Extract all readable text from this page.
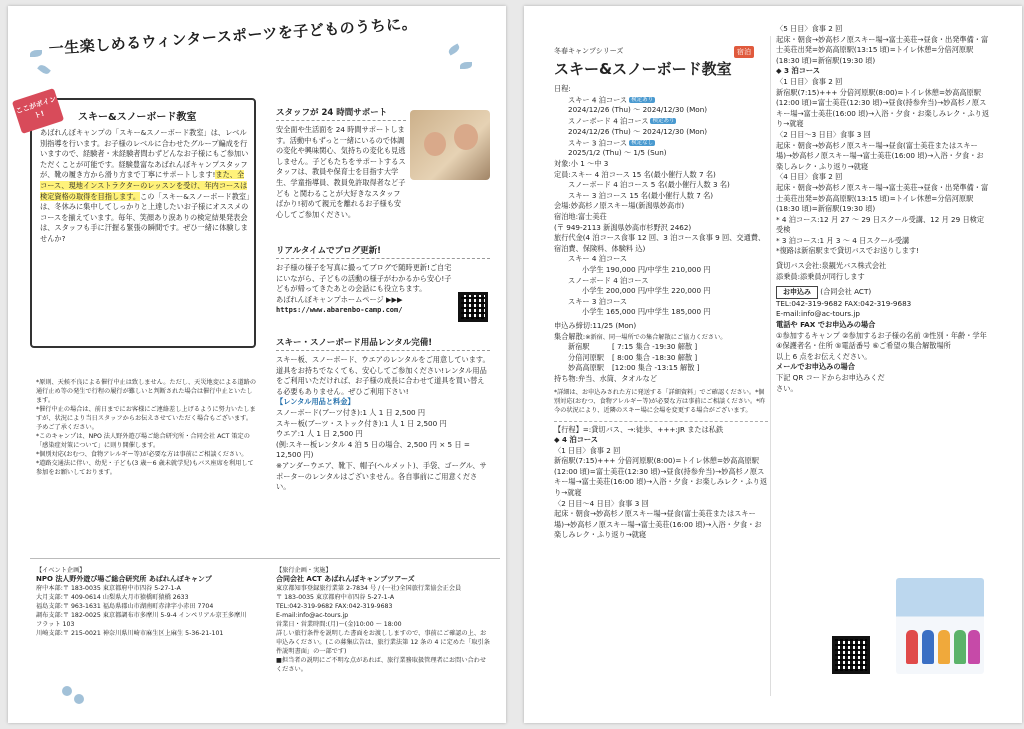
一生楽しめるウィンタースポーツを子どものうちに。
ここがポイント!	スキー&スノーボード教室
あばれんぼキャンプの「スキー&スノーボード教室」は、レベル別指導を行います。お子様のレベルに合わせたグループ編成を行いますので、経験者・未経験者問わずどんなお子様にもご参加いただくことが可能です。経験豊富なあばれんぼキャンプスタッフが、靴の履き方から滑り方まで丁寧にサポートします!また、全コース、現地インストラクターのレッスンを受け、年内コースは検定資格の取得を目指します。この「スキー&スノーボード教室」は、冬休みに集中してしっかりと上達したいお子様にオススメのコースを揃えています。毎年、笑顔あり涙ありの検定結果発表会は、スタッフも手に汗握る緊張の瞬間です。ぜひ一緒に体験しませんか?
*原則、天候不良による催行中止は致しません。ただし、天災地変による道路の通行止め等の発生で行程の履行が難しいと判断された場合は催行中止といたします。
*催行中止の場合は、前日までにお客様にご連絡差し上げるように努力いたしますが、状況により当日スタッフからお伝えさせていただく場合もございます。予めご了承ください。
*このキャンプは、NPO 法人野外遊び場ご総合研究所・合同会社 ACT 策定の「感染症対策について」に則り開催します。
*個別対応(おむつ、食物アレルギー等)が必要な方は事前にご相談ください。
*道路交通法に伴い、幼児・子ども(3 歳〜6 歳未就学児)もバス座席を利用して参加をお願いしております。
スタッフが 24 時間サポート
安全面や生活面を 24 時間サポートします。活動中もずっと一緒にいるので体調の変化や興味関心、気持ちの変化も見逃しません。子どもたちをサポートするスタッフは、教員や保育士を目指す大学生、学童指導員、教員免許取得者など子ども と関わることが大好きなスタッフばかり!初めて親元を離れるお子様も安心してご参加ください。
リアルタイムでブログ更新!
お子様の様子を写真に撮ってブログで随時更新!ご自宅にいながら、子どもの活動の様子がわかるから安心!子どもが帰ってきたあとの会話にも役立ちます。
あばれんぼキャンプホームページ ▶▶▶
https://www.abarenbo-camp.com/
スキー・スノーボード用品レンタル完備!
スキー板、スノーボード、ウエアのレンタルをご用意しています。道具をお持ちでなくても、安心してご参加ください!レンタル用品をご利用いただければ、お子様の成長に合わせて道具を買い替える必要もありません。ぜひご利用下さい!
【レンタル用品と料金】
スノーボード(ブーツ付き):1 人 1 日 2,500 円
スキー板(ブーツ・ストック付き):1 人 1 日 2,500 円
ウエア:1 人 1 日 2,500 円
(例:スキー板レンタル 4 泊 5 日の場合、2,500 円 × 5 日 = 12,500 円)
※アンダーウエア、靴下、帽子(ヘルメット)、手袋、ゴーグル、サポーターのレンタルはございません。各自事前にご用意ください。
【イベント企画】
NPO 法人野外遊び場ご総合研究所 あばれんぼキャンプ
府中本部:〒 183-0035 東京都府中市四谷 5-27-1-A
大月支部:〒 409-0614 山梨県大月市猿橋町猿橋 2633
福島支部:〒 963-1631 福島県郡山市湖南町赤津字小赤田 7704
調布支部:〒 182-0025 東京都調布市多摩川 5-9-4 インペリアル京王多摩川フラット 103
川崎支部:〒 215-0021 神奈川県川崎市麻生区上麻生 5-36-21-101
【旅行企画・実施】
合同会社 ACT あばれんぼキャンプツアーズ
東京都知事登録旅行業第 2-7834 号 / (一社)全国旅行業協会正会員
〒 183-0035 東京都府中市四谷 5-27-1-A
TEL:042-319-9682 FAX:042-319-9683
E-mail:info@ac-tours.jp
営業日・営業時間:(月)〜(金)10:00 〜 18:00
詳しい旅行条件を説明した書面をお渡ししますので、事前にご確認の上、お申込みください。(この募集広告は、旅行業法第 12 条の 4 に定めた「取引条件説明書面」の一部です)
■担当者の説明にご不明な点があれば、旅行業務取扱管理者にお問い合わせください。
冬春キャンプシリーズ	宿泊
スキー&スノーボード教室
日程:
スキー 4 泊コース 検定あり
2024/12/26 (Thu) 〜 2024/12/30 (Mon)
スノーボード 4 泊コース 検定あり
2024/12/26 (Thu) 〜 2024/12/30 (Mon)
スキー 3 泊コース 検定なし
2025/1/2 (Thu) 〜 1/5 (Sun)
対象:小 1 〜中 3
定員:スキー 4 泊コース 15 名(最小催行人数 7 名)
スノーボード 4 泊コース 5 名(最小催行人数 3 名)
スキー 3 泊コース 15 名(最小催行人数 7 名)
会場:妙高杉ノ原スキー場(新潟県妙高市)
宿泊地:富士美荘
(〒 949-2113 新潟県妙高市杉野沢 2462)
旅行代金(4 泊コース食事 12 回、3 泊コース食事 9 回、交通費、宿泊費、保険料、体験料 込)
スキー 4 泊コース
小学生 190,000 円/中学生 210,000 円
スノーボード 4 泊コース
小学生 200,000 円/中学生 220,000 円
スキー 3 泊コース
小学生 165,000 円/中学生 185,000 円
申込み締切:11/25 (Mon)
集合解散:※新宿、同一場所での集合解散にご協力ください。
新宿駅	[ 7:15 集合 -19:30 解散 ]
分倍河原駅 [ 8:00 集合 -18:30 解散 ]
妙高高原駅 [12:00 集合 -13:15 解散 ]
持ち物:弁当、水筒、タオルなど
*詳細は、お申込みされた方に発送する「詳細資料」でご確認ください。*個別対応(おむつ、食物アレルギー等)が必要な方は事前にご相談ください。*昨今の状況により、近隣のスキー場に会場を変更する場合がございます。
【行程】=:貸切バス、→:徒歩、+++:JR または私鉄
◆ 4 泊コース
〈1 日目〉食事 2 回
新宿駅(7:15)+++ 分倍河原駅(8:00)=トイレ休憩=妙高高原駅(12:00 頃)=富士美荘(12:30 頃)→昼食(持参弁当)→妙高杉ノ原スキー場→富士美荘(16:00 頃)→入浴・夕食・お楽しみレク・ふり返り→就寝
〈2 日目〜4 日目〉食事 3 回
起床・朝食→妙高杉ノ原スキー場→昼食(富士美荘またはスキー場)→妙高杉ノ原スキー場→富士美荘(16:00 頃)→入浴・夕食・お楽しみレク・ふり返り→就寝
〈5 日目〉食事 2 回
起床・朝食→妙高杉ノ原スキー場→富士美荘→昼食・出発準備・富士美荘出発=妙高高原駅(13:15 頃)=トイレ休憩=分倍河原駅(18:30 頃)=新宿駅(19:30 頃)
◆ 3 泊コース
〈1 日目〉食事 2 回
新宿駅(7:15)+++ 分倍河原駅(8:00)=トイレ休憩=妙高高原駅(12:00 頃)=富士美荘(12:30 頃)→昼食(持参弁当)→妙高杉ノ原スキー場→富士美荘(16:00 頃)→入浴・夕食・お楽しみレク・ふり返り→就寝
〈2 日目〜3 日目〉食事 3 回
起床・朝食→妙高杉ノ原スキー場→昼食(富士美荘またはスキー場)→妙高杉ノ原スキー場→富士美荘(16:00 頃)→入浴・夕食・お楽しみレク・ふり返り→就寝
〈4 日目〉食事 2 回
起床・朝食→妙高杉ノ原スキー場→富士美荘→昼食・出発準備・富士美荘出発=妙高高原駅(13:15 頃)=トイレ休憩=分倍河原駅(18:30 頃)=新宿駅(19:30 頃)
* 4 泊コース:12 月 27 〜 29 日スクール受講、12 月 29 日検定受検
* 3 泊コース:1 月 3 〜 4 日スクール受講
*復路は新宿駅まで貸切バスでお送りします!
貸切バス会社:泉観光バス株式会社
添乗員:添乗員が同行します
お申込み (合同会社 ACT)
TEL:042-319-9682 FAX:042-319-9683
E-mail:info@ac-tours.jp
電話や FAX でお申込みの場合
①参加するキャンプ ②参加するお子様の名前 ③性別・年齢・学年 ④保護者名・住所 ⑤電話番号 ⑥ご希望の集合解散場所
以上 6 点をお伝えください。
メールでお申込みの場合
下記 QR コードからお申込みください。
